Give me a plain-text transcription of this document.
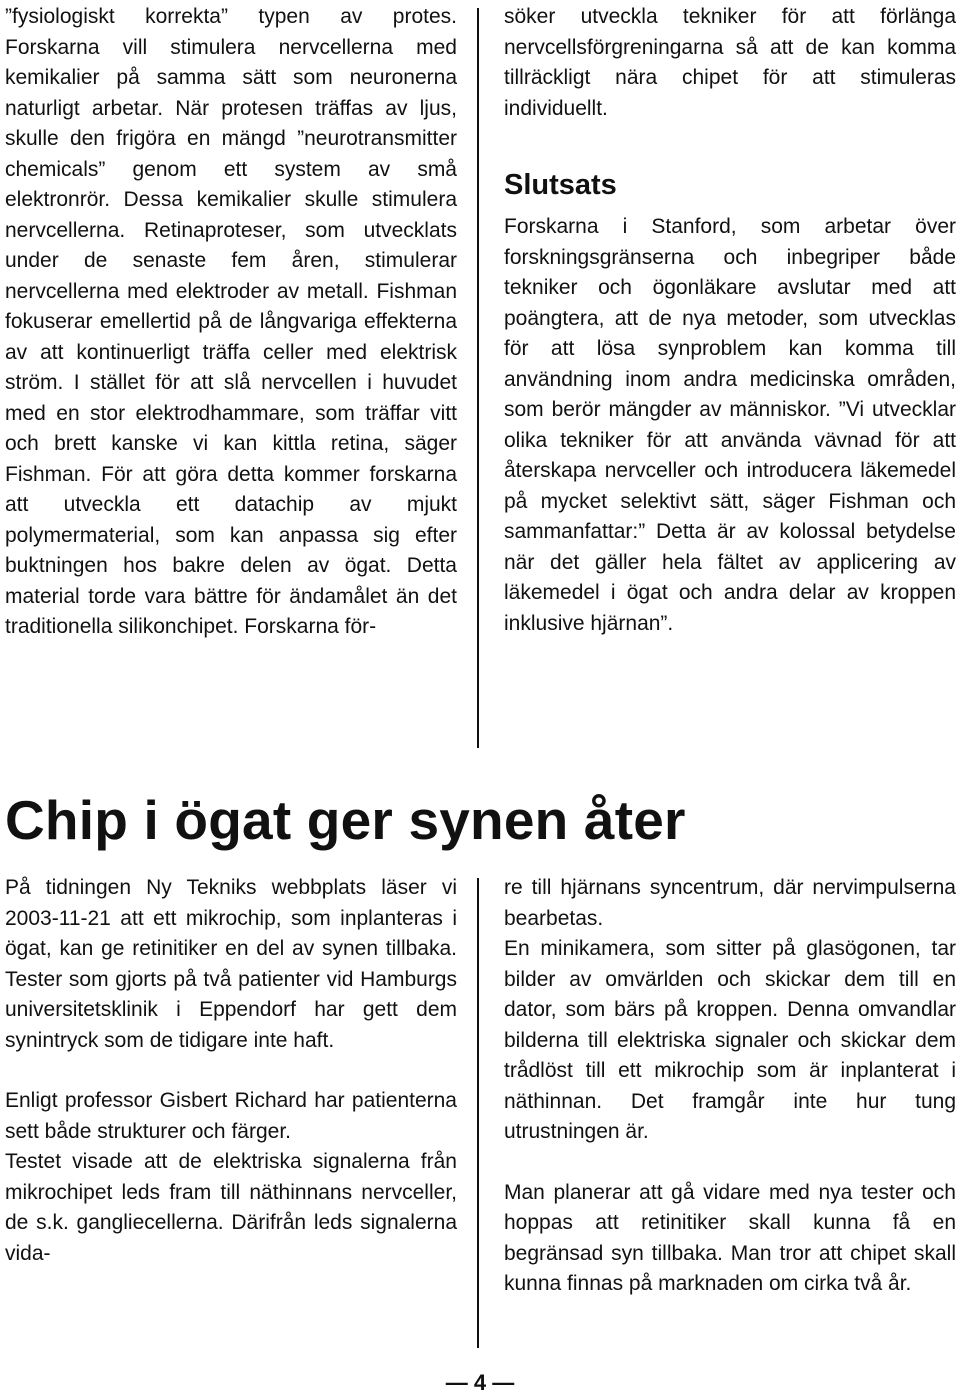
”fysiologiskt korrekta” typen av protes. Forskarna vill stimulera nervcellerna med kemikalier på samma sätt som neuronerna naturligt arbetar. När protesen träffas av ljus, skulle den frigöra en mängd ”neurotransmitter chemicals” genom ett system av små elektronrör. Dessa kemikalier skulle stimulera nervcellerna. Retinaproteser, som utvecklats under de senaste fem åren, stimulerar nervcellerna med elektroder av metall. Fishman fokuserar emellertid på de långvariga effekterna av att kontinuerligt träffa celler med elektrisk ström. I stället för att slå nervcellen i huvudet med en stor elektrodhammare, som träffar vitt och brett kanske vi kan kittla retina, säger Fishman. För att göra detta kommer forskarna att utveckla ett datachip av mjukt polymermaterial, som kan anpassa sig efter buktningen hos bakre delen av ögat. Detta material torde vara bättre för ändamålet än det traditionella silikonchipet. Forskarna för-

söker utveckla tekniker för att förlänga nervcellsförgreningarna så att de kan komma tillräckligt nära chipet för att stimuleras individuellt.

Slutsats

Forskarna i Stanford, som arbetar över forskningsgränserna och inbegriper både tekniker och ögonläkare avslutar med att poängtera, att de nya metoder, som utvecklas för att lösa synproblem kan komma till användning inom andra medicinska områden, som berör mängder av människor. ”Vi utvecklar olika tekniker för att använda vävnad för att återskapa nervceller och introducera läkemedel på mycket selektivt sätt, säger Fishman och sammanfattar:” Detta är av kolossal betydelse när det gäller hela fältet av applicering av läkemedel i ögat och andra delar av kroppen inklusive hjärnan”.

Chip i ögat ger synen åter

På tidningen Ny Tekniks webbplats läser vi 2003-11-21 att ett mikrochip, som inplanteras i ögat, kan ge retinitiker en del av synen tillbaka. Tester som gjorts på två patienter vid Hamburgs universitetsklinik i Eppendorf har gett dem synintryck som de tidigare inte haft.

Enligt professor Gisbert Richard har patienterna sett både strukturer och färger.

Testet visade att de elektriska signalerna från mikrochipet leds fram till näthinnans nervceller, de s.k. gangliecellerna. Därifrån leds signalerna vida-

re till hjärnans syncentrum, där nervimpulserna bearbetas.

En minikamera, som sitter på glasögonen, tar bilder av omvärlden och skickar dem till en dator, som bärs på kroppen. Denna omvandlar bilderna till elektriska signaler och skickar dem trådlöst till ett mikrochip som är inplanterat i näthinnan. Det framgår inte hur tung utrustningen är.

Man planerar att gå vidare med nya tester och hoppas att retinitiker skall kunna få en begränsad syn tillbaka. Man tror att chipet skall kunna finnas på marknaden om cirka två år.

— 4 —
